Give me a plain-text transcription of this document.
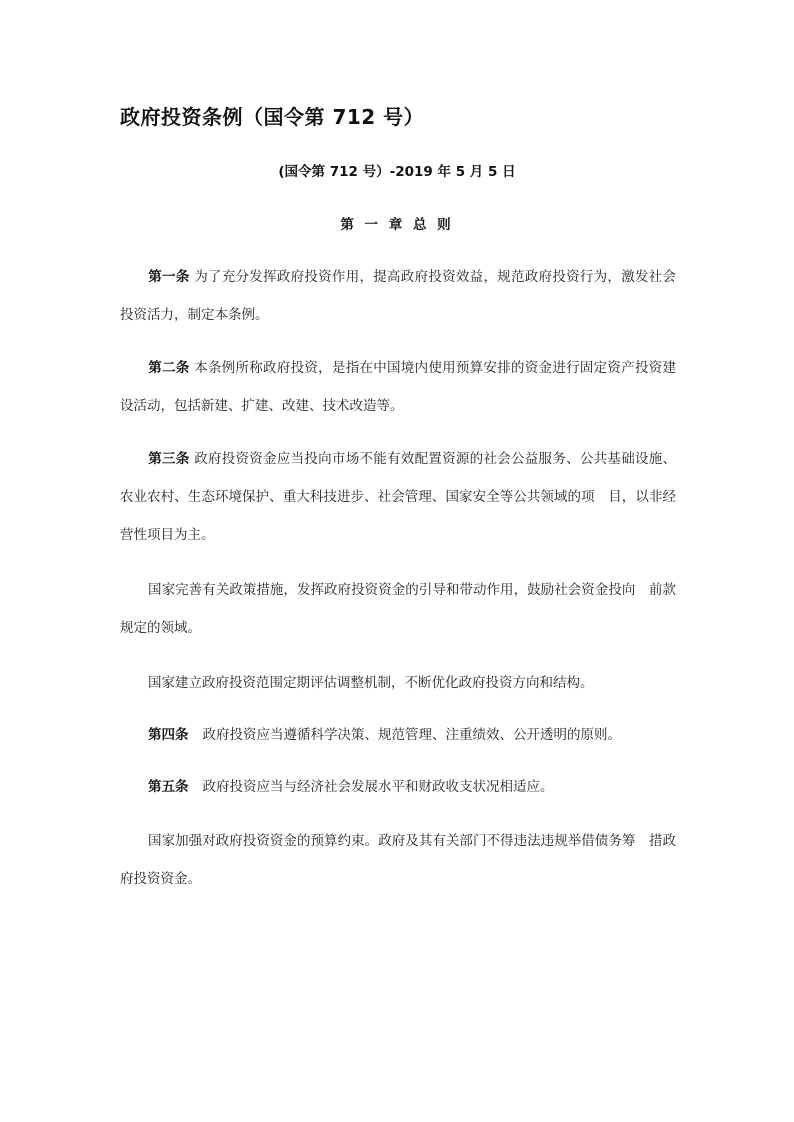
政府投资条例（国令第 712 号）
(国令第 712 号）-2019 年 5 月 5 日
第 一 章 总 则
第一条 为了充分发挥政府投资作用，提高政府投资效益，规范政府投资行为，激发社会投资活力，制定本条例。
第二条 本条例所称政府投资，是指在中国境内使用预算安排的资金进行固定资产投资建设活动，包括新建、扩建、改建、技术改造等。
第三条 政府投资资金应当投向市场不能有效配置资源的社会公益服务、公共基础设施、农业农村、生态环境保护、重大科技进步、社会管理、国家安全等公共领域的项　目，以非经营性项目为主。
国家完善有关政策措施，发挥政府投资资金的引导和带动作用，鼓励社会资金投向　前款规定的领域。
国家建立政府投资范围定期评估调整机制，不断优化政府投资方向和结构。
第四条 政府投资应当遵循科学决策、规范管理、注重绩效、公开透明的原则。
第五条 政府投资应当与经济社会发展水平和财政收支状况相适应。
国家加强对政府投资资金的预算约束。政府及其有关部门不得违法违规举借债务筹　措政府投资资金。
